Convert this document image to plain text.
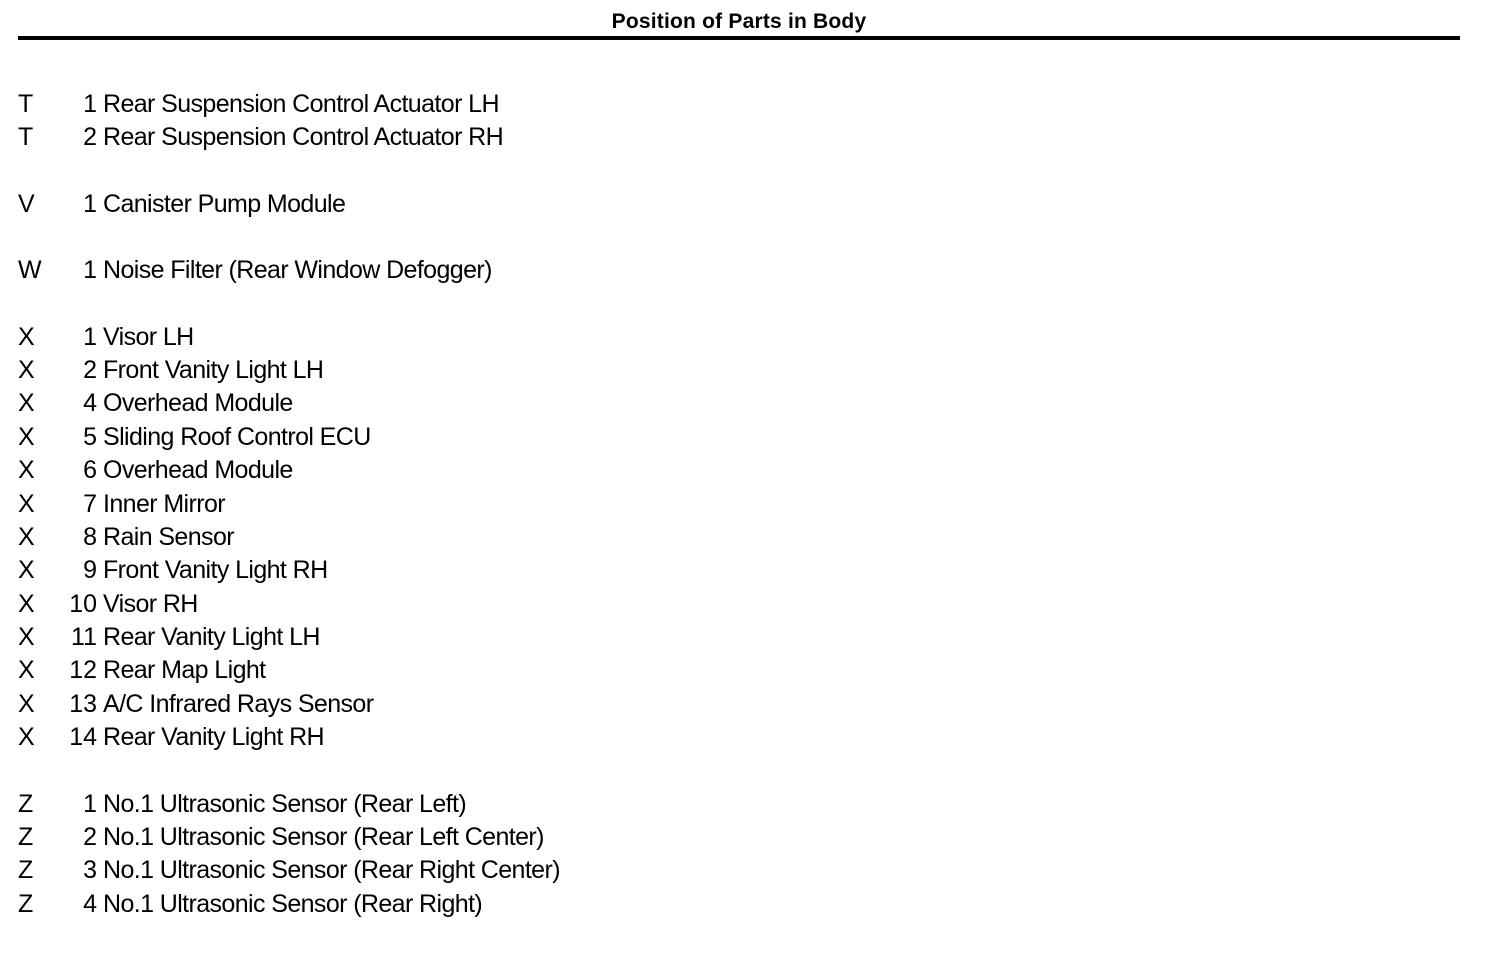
Position of Parts in Body
T	1 Rear Suspension Control Actuator LH
T	2 Rear Suspension Control Actuator RH
V	1 Canister Pump Module
W	1 Noise Filter (Rear Window Defogger)
X	1 Visor LH
X	2 Front Vanity Light LH
X	4 Overhead Module
X	5 Sliding Roof Control ECU
X	6 Overhead Module
X	7 Inner Mirror
X	8 Rain Sensor
X	9 Front Vanity Light RH
X	10 Visor RH
X	11 Rear Vanity Light LH
X	12 Rear Map Light
X	13 A/C Infrared Rays Sensor
X	14 Rear Vanity Light RH
Z	1 No.1 Ultrasonic Sensor (Rear Left)
Z	2 No.1 Ultrasonic Sensor (Rear Left Center)
Z	3 No.1 Ultrasonic Sensor (Rear Right Center)
Z	4 No.1 Ultrasonic Sensor (Rear Right)
